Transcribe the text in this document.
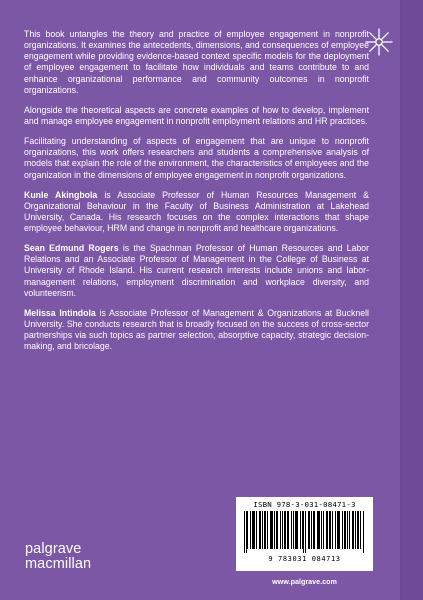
This book untangles the theory and practice of employee engagement in nonprofit organizations. It examines the antecedents, dimensions, and consequences of employee engagement while providing evidence-based context specific models for the deployment of employee engagement to facilitate how individuals and teams contribute to and enhance organizational performance and community outcomes in nonprofit organizations.

Alongside the theoretical aspects are concrete examples of how to develop, implement and manage employee engagement in nonprofit employment relations and HR practices.

Facilitating understanding of aspects of engagement that are unique to nonprofit organizations, this work offers researchers and students a comprehensive analysis of models that explain the role of the environment, the characteristics of employees and the organization in the dimensions of employee engagement in nonprofit organizations.

Kunle Akingbola is Associate Professor of Human Resources Management & Organizational Behaviour in the Faculty of Business Administration at Lakehead University, Canada. His research focuses on the complex interactions that shape employee behaviour, HRM and change in nonprofit and healthcare organizations.

Sean Edmund Rogers is the Spachman Professor of Human Resources and Labor Relations and an Associate Professor of Management in the College of Business at University of Rhode Island. His current research interests include unions and labor-management relations, employment discrimination and workplace diversity, and volunteerism.

Melissa Intindola is Associate Professor of Management & Organizations at Bucknell University. She conducts research that is broadly focused on the success of cross-sector partnerships via such topics as partner selection, absorptive capacity, strategic decision-making, and bricolage.

ISBN 978-3-031-08471-3
9 783031 084713
www.palgrave.com
palgrave
macmillan
